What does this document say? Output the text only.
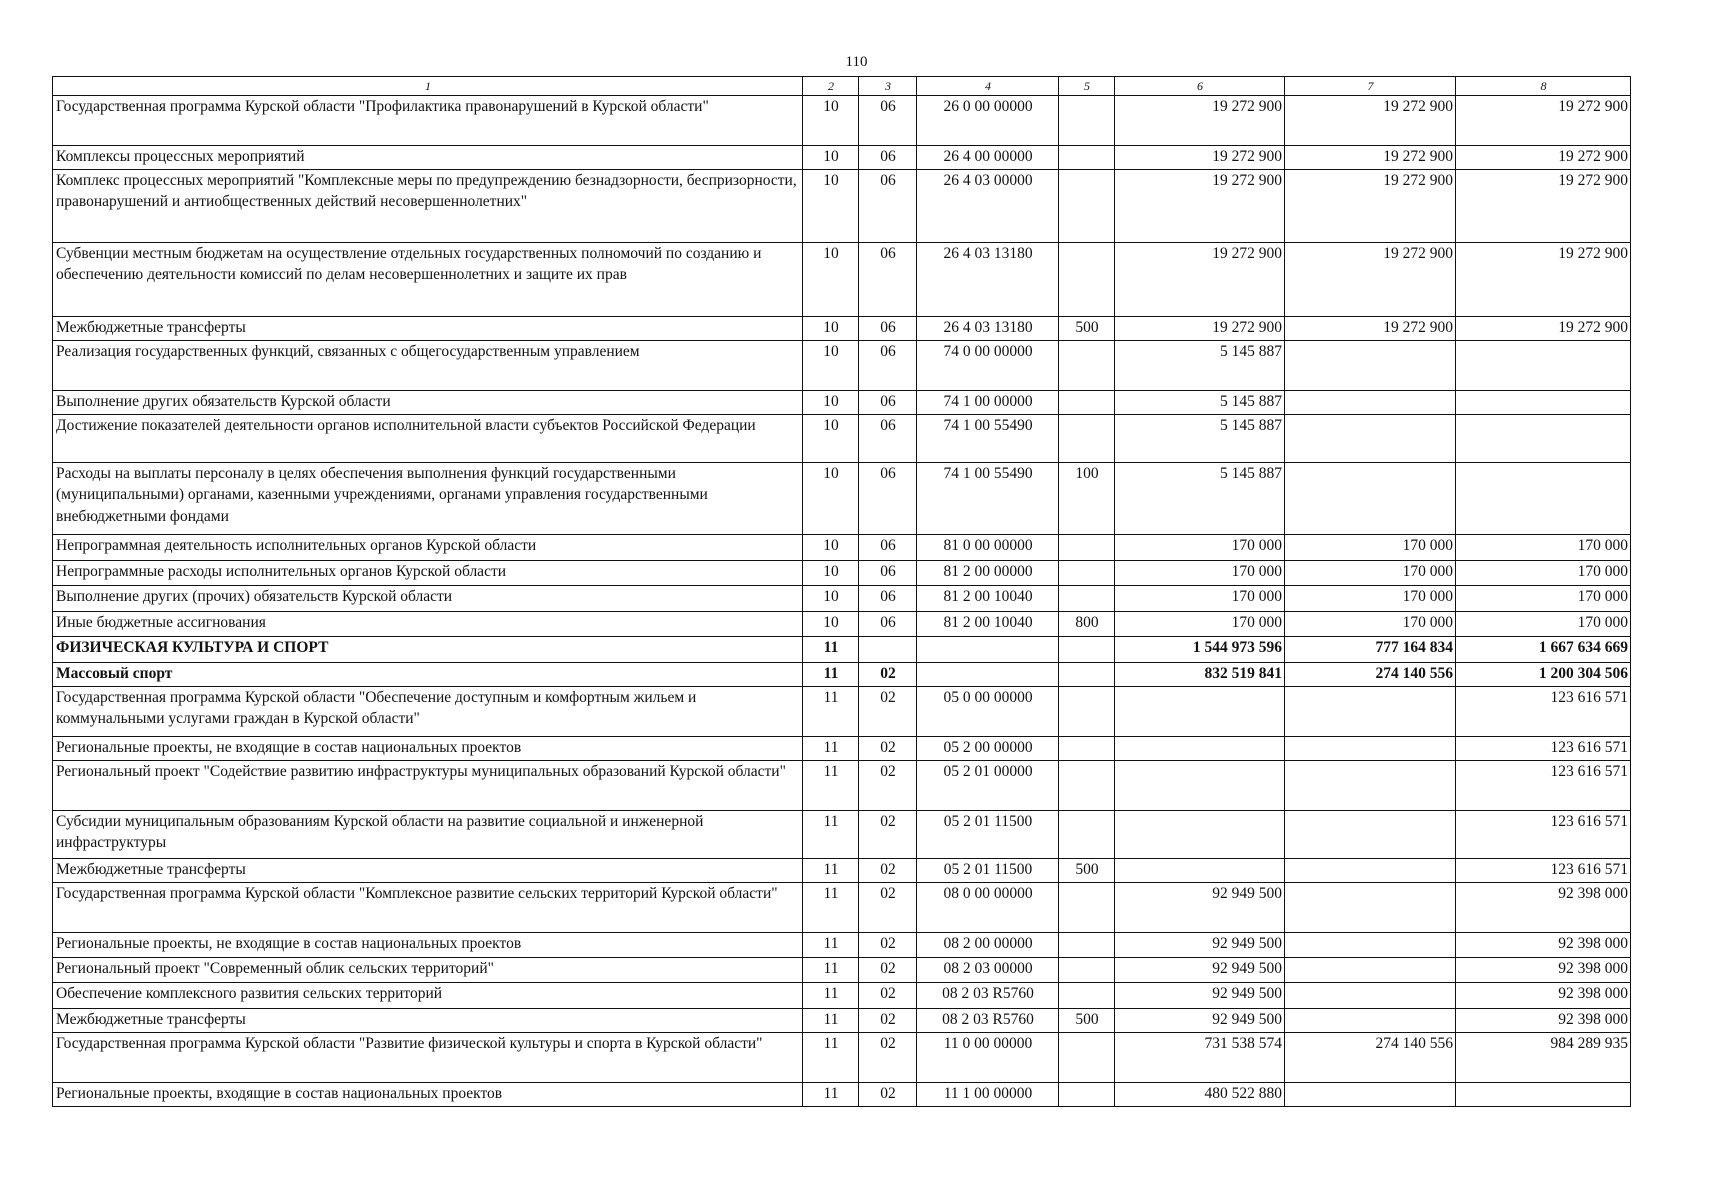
110
1	2	3	4	5	6	7	8
Государственная программа Курской области "Профилактика правонарушений в Курской области"	10	06	26 0 00 00000		19 272 900	19 272 900	19 272 900
Комплексы процессных мероприятий	10	06	26 4 00 00000		19 272 900	19 272 900	19 272 900
Комплекс процессных мероприятий "Комплексные меры по предупреждению безнадзорности, беспризорности, правонарушений и антиобщественных действий несовершеннолетних"	10	06	26 4 03 00000		19 272 900	19 272 900	19 272 900
Субвенции местным бюджетам на осуществление отдельных государственных полномочий по созданию и обеспечению деятельности комиссий по делам несовершеннолетних и защите их прав	10	06	26 4 03 13180		19 272 900	19 272 900	19 272 900
Межбюджетные трансферты	10	06	26 4 03 13180	500	19 272 900	19 272 900	19 272 900
Реализация государственных функций, связанных с общегосударственным управлением	10	06	74 0 00 00000		5 145 887		
Выполнение других обязательств Курской области	10	06	74 1 00 00000		5 145 887		
Достижение показателей деятельности органов исполнительной власти субъектов Российской Федерации	10	06	74 1 00 55490		5 145 887		
Расходы на выплаты персоналу в целях обеспечения выполнения функций государственными (муниципальными) органами, казенными учреждениями, органами управления государственными внебюджетными фондами	10	06	74 1 00 55490	100	5 145 887		
Непрограммная деятельность исполнительных органов Курской области	10	06	81 0 00 00000		170 000	170 000	170 000
Непрограммные расходы исполнительных органов Курской области	10	06	81 2 00 00000		170 000	170 000	170 000
Выполнение других (прочих) обязательств Курской области	10	06	81 2 00 10040		170 000	170 000	170 000
Иные бюджетные ассигнования	10	06	81 2 00 10040	800	170 000	170 000	170 000
ФИЗИЧЕСКАЯ КУЛЬТУРА И СПОРТ	11				1 544 973 596	777 164 834	1 667 634 669
Массовый спорт	11	02			832 519 841	274 140 556	1 200 304 506
Государственная программа Курской области "Обеспечение доступным и комфортным жильем и коммунальными услугами граждан в Курской области"	11	02	05 0 00 00000				123 616 571
Региональные проекты, не входящие в состав национальных проектов	11	02	05 2 00 00000				123 616 571
Региональный проект "Содействие развитию инфраструктуры муниципальных образований Курской области"	11	02	05 2 01 00000				123 616 571
Субсидии муниципальным образованиям Курской области на развитие социальной и инженерной инфраструктуры	11	02	05 2 01 11500				123 616 571
Межбюджетные трансферты	11	02	05 2 01 11500	500			123 616 571
Государственная программа Курской области "Комплексное развитие сельских территорий Курской области"	11	02	08 0 00 00000		92 949 500		92 398 000
Региональные проекты, не входящие в состав национальных проектов	11	02	08 2 00 00000		92 949 500		92 398 000
Региональный проект "Современный облик сельских территорий"	11	02	08 2 03 00000		92 949 500		92 398 000
Обеспечение комплексного развития сельских территорий	11	02	08 2 03 R5760		92 949 500		92 398 000
Межбюджетные трансферты	11	02	08 2 03 R5760	500	92 949 500		92 398 000
Государственная программа Курской области "Развитие физической культуры и спорта в Курской области"	11	02	11 0 00 00000		731 538 574	274 140 556	984 289 935
Региональные проекты, входящие в состав национальных проектов	11	02	11 1 00 00000		480 522 880		
